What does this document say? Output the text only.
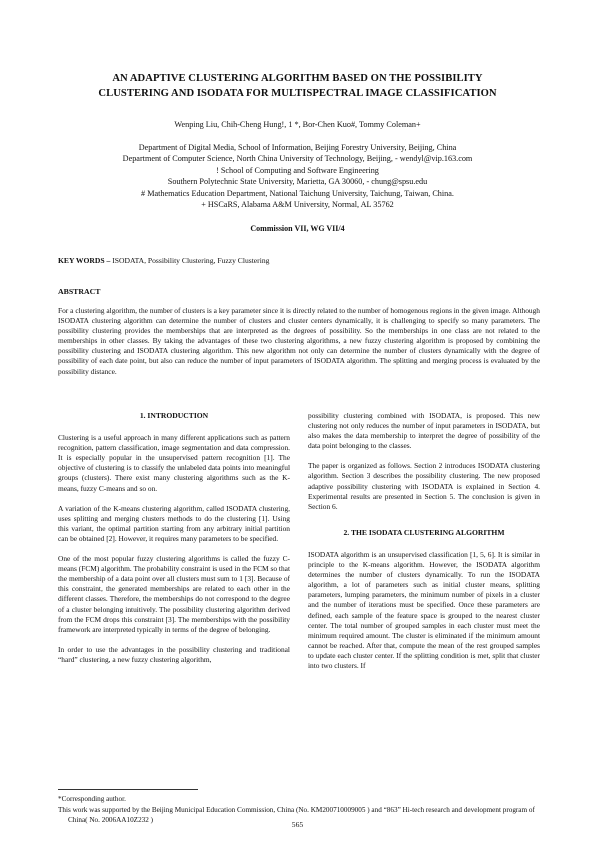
AN ADAPTIVE CLUSTERING ALGORITHM BASED ON THE POSSIBILITY
CLUSTERING AND ISODATA FOR MULTISPECTRAL IMAGE CLASSIFICATION
Wenping Liu, Chih-Cheng Hung!, 1 *, Bor-Chen Kuo#, Tommy Coleman+
Department of Digital Media, School of Information, Beijing Forestry University, Beijing, China
Department of Computer Science, North China University of Technology, Beijing, - wendyl@vip.163.com
! School of Computing and Software Engineering
Southern Polytechnic State University, Marietta, GA 30060, - chung@spsu.edu
# Mathematics Education Department, National Taichung University, Taichung, Taiwan, China.
+ HSCaRS, Alabama A&M University, Normal, AL 35762
Commission VII, WG VII/4
KEY WORDS – ISODATA, Possibility Clustering, Fuzzy Clustering
ABSTRACT
For a clustering algorithm, the number of clusters is a key parameter since it is directly related to the number of homogenous regions in the given image. Although ISODATA clustering algorithm can determine the number of clusters and cluster centers dynamically, it is challenging to specify so many parameters. The possibility clustering provides the memberships that are interpreted as the degrees of possibility. So the memberships in one class are not related to the memberships in other classes. By taking the advantages of these two clustering algorithms, a new fuzzy clustering algorithm is proposed by combining the possibility clustering and ISODATA clustering algorithm. This new algorithm not only can determine the number of clusters dynamically with the degree of possibility of each date point, but also can reduce the number of input parameters of ISODATA algorithm. The splitting and merging process is evaluated by the possibility distance.

1. INTRODUCTION

Clustering is a useful approach in many different applications such as pattern recognition, pattern classification, image segmentation and data compression. It is especially popular in the unsupervised pattern recognition [1]. The objective of clustering is to classify the unlabeled data points into meaningful groups (clusters). There exist many clustering algorithms such as the K-means, fuzzy C-means and so on.

A variation of the K-means clustering algorithm, called ISODATA clustering, uses splitting and merging clusters methods to do the clustering [1]. Using this variant, the optimal partition starting from any arbitrary initial partition can be obtained [2]. However, it requires many parameters to be specified.

One of the most popular fuzzy clustering algorithms is called the fuzzy C-means (FCM) algorithm. The probability constraint is used in the FCM so that the membership of a data point over all clusters must sum to 1 [3]. Because of this constraint, the generated memberships are related to each other in the different classes. Therefore, the memberships do not correspond to the degree of a cluster belonging intuitively. The possibility clustering algorithm derived from the FCM drops this constraint [3]. The memberships with the possibility framework are interpreted typically in terms of the degree of belonging.

In order to use the advantages in the possibility clustering and traditional “hard” clustering, a new fuzzy clustering algorithm,

possibility clustering combined with ISODATA, is proposed. This new clustering not only reduces the number of input parameters in ISODATA, but also makes the data membership to interpret the degree of possibility of the data point belonging to the classes.

The paper is organized as follows. Section 2 introduces ISODATA clustering algorithm. Section 3 describes the possibility clustering. The new proposed adaptive possibility clustering with ISODATA is explained in Section 4. Experimental results are presented in Section 5. The conclusion is given in Section 6.

2. THE ISODATA CLUSTERING ALGORITHM

ISODATA algorithm is an unsupervised classification [1, 5, 6]. It is similar in principle to the K-means algorithm. However, the ISODATA algorithm determines the number of clusters dynamically. To run the ISODATA algorithm, a lot of parameters such as initial cluster means, splitting parameters, lumping parameters, the minimum number of pixels in a cluster and the number of iterations must be specified. Once these parameters are defined, each sample of the feature space is grouped to the nearest cluster center. The total number of grouped samples in each cluster must meet the minimum required amount. The cluster is eliminated if the minimum amount cannot be reached. After that, compute the mean of the rest grouped samples to update each cluster center. If the splitting condition is met, split that cluster into two clusters. If

*Corresponding author.
This work was supported by the Beijing Municipal Education Commission, China (No. KM200710009005 ) and “863” Hi-tech research and development program of China( No. 2006AA10Z232 )	565
